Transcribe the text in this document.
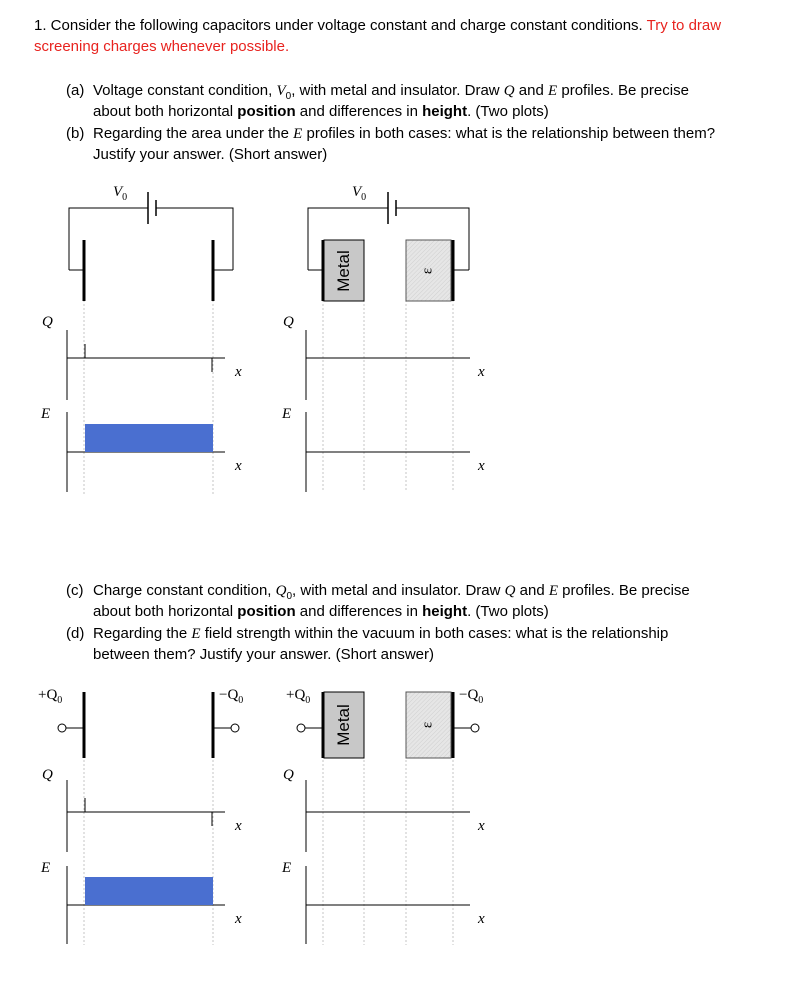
1. Consider the following capacitors under voltage constant and charge constant conditions. Try to draw
screening charges whenever possible.
(a) Voltage constant condition, $V_0$, with metal and insulator. Draw Q and E profiles. Be precise
about both horizontal position and differences in height. (Two plots)
(b) Regarding the area under the E profiles in both cases: what is the relationship between them?
Justify your answer. (Short answer)
(c) Charge constant condition, $Q_0$, with metal and insulator. Draw Q and E profiles. Be precise
about both horizontal position and differences in height. (Two plots)
(d) Regarding the E field strength within the vacuum in both cases: what is the relationship
between them? Justify your answer. (Short answer)
$V_0$	$V_0$
Metal
Metal
ε
ε
Q	Q
x	x
E	E
x	x
$+Q_0$	$-Q_0$	$+Q_0$	$-Q_0$
Q	Q
x	x
E	E
x	x
